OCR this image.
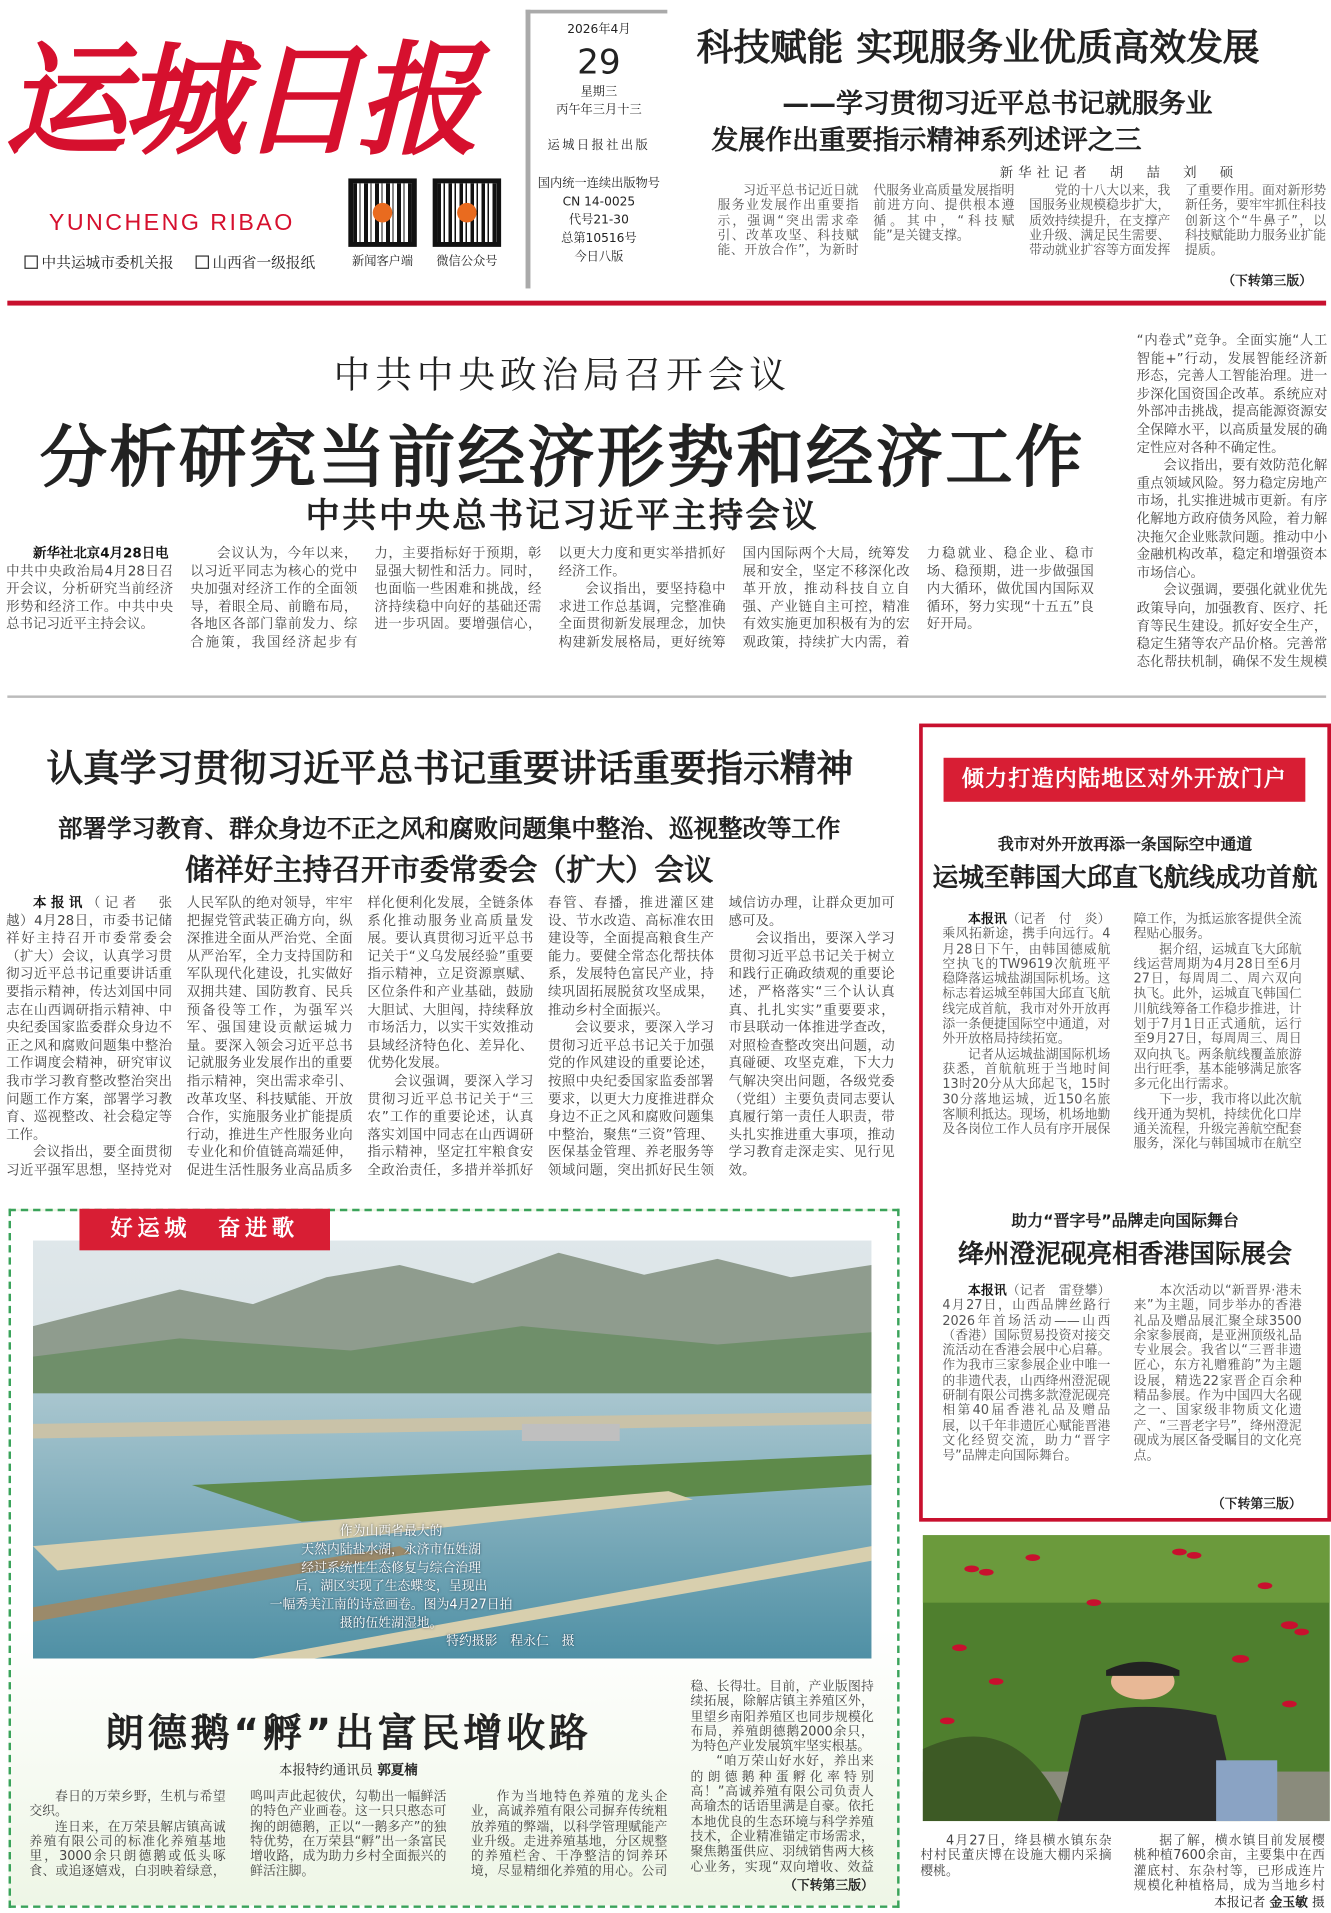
运城日报
YUNCHENG RIBAO
中共运城市委机关报	山西省一级报纸	新闻客户端	微信公众号
2026年4月
29
星期三
丙午年三月十三
运城日报社出版
国内统一连续出版物号
CN 14-0025
代号21-30
总第10516号
今日八版
科技赋能 实现服务业优质高效发展
——学习贯彻习近平总书记就服务业
发展作出重要指示精神系列述评之三
新华社记者　胡　喆　刘　硕

习近平总书记近日就服务业发展作出重要指示，强调“突出需求牵引、改革攻坚、科技赋能、开放合作”，为新时代服务业高质量发展指明前进方向、提供根本遵循。其中，“科技赋能”是关键支撑。

党的十八大以来，我国服务业规模稳步扩大，质效持续提升，在支撑产业升级、满足民生需要、带动就业扩容等方面发挥了重要作用。面对新形势新任务，要牢牢抓住科技创新这个“牛鼻子”，以科技赋能助力服务业扩能提质。

（下转第三版）
中共中央政治局召开会议
分析研究当前经济形势和经济工作
中共中央总书记习近平主持会议

新华社北京4月28日电　中共中央政治局4月28日召开会议，分析研究当前经济形势和经济工作。中共中央总书记习近平主持会议。

会议认为，今年以来，以习近平同志为核心的党中央加强对经济工作的全面领导，着眼全局、前瞻布局，各地区各部门靠前发力、综合施策，我国经济起步有力，主要指标好于预期，彰显强大韧性和活力。同时，也面临一些困难和挑战，经济持续稳中向好的基础还需进一步巩固。要增强信心，以更大力度和更实举措抓好经济工作。

会议指出，要坚持稳中求进工作总基调，完整准确全面贯彻新发展理念，加快构建新发展格局，更好统筹国内国际两个大局，统筹发展和安全，坚定不移深化改革开放，推动科技自立自强、产业链自主可控，精准有效实施更加积极有为的宏观政策，持续扩大内需，着力稳就业、稳企业、稳市场、稳预期，进一步做强国内大循环，做优国内国际双循环，努力实现“十五五”良好开局。

“内卷式”竞争。全面实施“人工智能+”行动，发展智能经济新形态，完善人工智能治理。进一步深化国资国企改革。系统应对外部冲击挑战，提高能源资源安全保障水平，以高质量发展的确定性应对各种不确定性。

会议指出，要有效防范化解重点领域风险。努力稳定房地产市场，扎实推进城市更新。有序化解地方政府债务风险，着力解决拖欠企业账款问题。推动中小金融机构改革，稳定和增强资本市场信心。

会议强调，要强化就业优先政策导向，加强教育、医疗、托育等民生建设。抓好安全生产，稳定生猪等农产品价格。完善常态化帮扶机制，确保不发生规模

认真学习贯彻习近平总书记重要讲话重要指示精神
部署学习教育、群众身边不正之风和腐败问题集中整治、巡视整改等工作
储祥好主持召开市委常委会（扩大）会议

本报讯（记者　张　越）4月28日，市委书记储祥好主持召开市委常委会（扩大）会议，认真学习贯彻习近平总书记重要讲话重要指示精神，传达刘国中同志在山西调研指示精神、中央纪委国家监委群众身边不正之风和腐败问题集中整治工作调度会精神，研究审议我市学习教育整改整治突出问题工作方案，部署学习教育、巡视整改、社会稳定等工作。

会议指出，要全面贯彻习近平强军思想，坚持党对人民军队的绝对领导，牢牢把握党管武装正确方向，纵深推进全面从严治党、全面从严治军，全力支持国防和军队现代化建设，扎实做好双拥共建、国防教育、民兵预备役等工作，为强军兴军、强国建设贡献运城力量。要深入领会习近平总书记就服务业发展作出的重要指示精神，突出需求牵引、改革攻坚、科技赋能、开放合作，实施服务业扩能提质行动，推进生产性服务业向专业化和价值链高端延伸，促进生活性服务业高品质多样化便利化发展，全链条体系化推动服务业高质量发展。要认真贯彻习近平总书记关于“义乌发展经验”重要指示精神，立足资源禀赋、区位条件和产业基础，鼓励大胆试、大胆闯，持续释放市场活力，以实干实效推动县域经济特色化、差异化、优势化发展。

会议强调，要深入学习贯彻习近平总书记关于“三农”工作的重要论述，认真落实刘国中同志在山西调研指示精神，坚定扛牢粮食安全政治责任，多措并举抓好春管、春播，推进灌区建设、节水改造、高标准农田建设等，全面提高粮食生产能力。要健全常态化帮扶体系，发展特色富民产业，持续巩固拓展脱贫攻坚成果，推动乡村全面振兴。

会议要求，要深入学习贯彻习近平总书记关于加强党的作风建设的重要论述，按照中央纪委国家监委部署要求，以更大力度推进群众身边不正之风和腐败问题集中整治，聚焦“三资”管理、医保基金管理、养老服务等领域问题，突出抓好民生领域信访办理，让群众更加可感可及。

会议指出，要深入学习贯彻习近平总书记关于树立和践行正确政绩观的重要论述，严格落实“三个认认真真、扎扎实实”重要要求，市县联动一体推进学查改，对照检查整改突出问题，动真碰硬、攻坚克难，下大力气解决突出问题，各级党委（党组）主要负责同志要认真履行第一责任人职责，带头扎实推进重大事项，推动学习教育走深走实、见行见效。

倾力打造内陆地区对外开放门户
我市对外开放再添一条国际空中通道
运城至韩国大邱直飞航线成功首航

本报讯（记者　付　炎）乘风拓新途，携手向远行。4月28日下午，由韩国德威航空执飞的TW9619次航班平稳降落运城盐湖国际机场。这标志着运城至韩国大邱直飞航线完成首航，我市对外开放再添一条便捷国际空中通道，对外开放格局持续拓宽。

记者从运城盐湖国际机场获悉，首航航班于当地时间13时20分从大邱起飞，15时30分落地运城，近150名旅客顺利抵达。现场，机场地勤及各岗位工作人员有序开展保障工作，为抵运旅客提供全流程贴心服务。

据介绍，运城直飞大邱航线运营周期为4月28日至6月27日，每周周二、周六双向执飞。此外，运城直飞韩国仁川航线筹备工作稳步推进，计划于7月1日正式通航，运行至9月27日，每周周三、周日双向执飞。两条航线覆盖旅游出行旺季，基本能够满足旅客多元化出行需求。

下一步，我市将以此次航线开通为契机，持续优化口岸通关流程，升级完善航空配套服务，深化与韩国城市在航空

助力“晋字号”品牌走向国际舞台
绛州澄泥砚亮相香港国际展会

本报讯（记者　雷登攀）4月27日，山西品牌丝路行2026年首场活动——山西（香港）国际贸易投资对接交流活动在香港会展中心启幕。作为我市三家参展企业中唯一的非遗代表，山西绛州澄泥砚研制有限公司携多款澄泥砚亮相第40届香港礼品及赠品展，以千年非遗匠心赋能晋港文化经贸交流，助力“晋字号”品牌走向国际舞台。

本次活动以“新晋界·港未来”为主题，同步举办的香港礼品及赠品展汇聚全球3500余家参展商，是亚洲顶级礼品专业展会。我省以“三晋非遗匠心，东方礼赠雅韵”为主题设展，精选22家晋企百余种精品参展。作为中国四大名砚之一、国家级非物质文化遗产、“三晋老字号”，绛州澄泥砚成为展区备受瞩目的文化亮点。

（下转第三版）
好运城　奋进歌
作为山西省最大的
天然内陆盐水湖，永济市伍姓湖
经过系统性生态修复与综合治理
后，湖区实现了生态蝶变，呈现出
一幅秀美江南的诗意画卷。图为4月27日拍
摄的伍姓湖湿地。
特约摄影　程永仁　摄
朗德鹅“孵”出富民增收路
本报特约通讯员 郭夏楠

春日的万荣乡野，生机与希望交织。

连日来，在万荣县解店镇高诚养殖有限公司的标准化养殖基地里，3000余只朗德鹅或低头啄食、或追逐嬉戏，白羽映着绿意，鸣叫声此起彼伏，勾勒出一幅鲜活的特色产业画卷。这一只只憨态可掬的朗德鹅，正以“一鹅多产”的独特优势，在万荣县“孵”出一条富民增收路，成为助力乡村全面振兴的鲜活注脚。

作为当地特色养殖的龙头企业，高诚养殖有限公司摒弃传统粗放养殖的弊端，以科学管理赋能产业升级。走进养殖基地，分区规整的养殖栏舍、干净整洁的饲养环境，尽显精细化养殖的用心。公司

稳、长得壮。目前，产业版图持续拓展，除解店镇主养殖区外，里望乡南阳养殖区也同步规模化布局，养殖朗德鹅2000余只，为特色产业发展筑牢坚实根基。

“咱万荣山好水好，养出来的朗德鹅种蛋孵化率特别高！”高诚养殖有限公司负责人高瑜杰的话语里满是自豪。依托本地优良的生态环境与科学养殖技术，企业精准锚定市场需求，聚焦鹅蛋供应、羽绒销售两大核心业务，实现“双向增收、效益

（下转第三版）

4月27日，绛县横水镇东杂村村民董庆博在设施大棚内采摘樱桃。

据了解，横水镇目前发展樱桃种植7600余亩，主要集中在西灌底村、东杂村等，已形成连片规模化种植格局，成为当地乡村

本报记者 金玉敏 摄
